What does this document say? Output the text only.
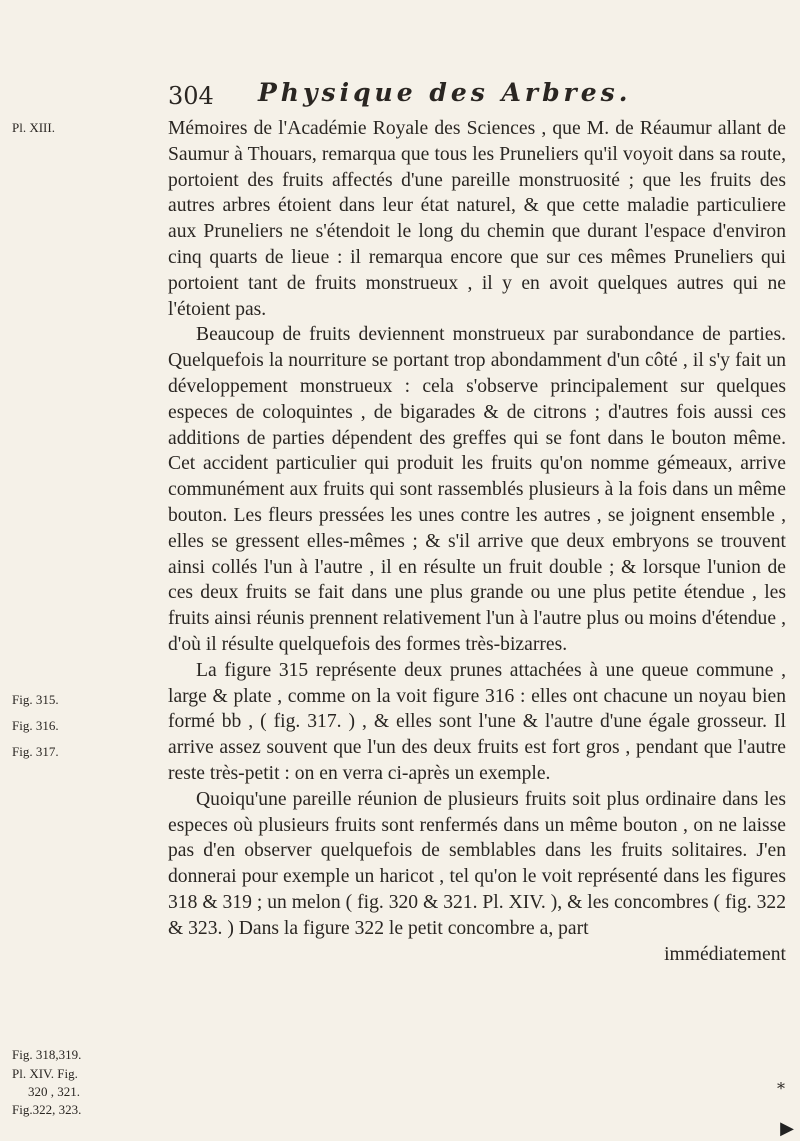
304 Physique des Arbres.
Pl. XIII.
Fig. 315.
Fig. 316.
Fig. 317.
Fig. 318,319.
Pl. XIV. Fig.
320 , 321.
Fig.322, 323.

Mémoires de l'Académie Royale des Sciences , que M. de Réaumur allant de Saumur à Thouars, remarqua que tous les Pruneliers qu'il voyoit dans sa route, portoient des fruits affectés d'une pareille monstruosité ; que les fruits des autres arbres étoient dans leur état naturel, & que cette maladie particuliere aux Pruneliers ne s'étendoit le long du chemin que durant l'espace d'environ cinq quarts de lieue : il remarqua encore que sur ces mêmes Pruneliers qui portoient tant de fruits monstrueux , il y en avoit quelques autres qui ne l'étoient pas.

Beaucoup de fruits deviennent monstrueux par surabondance de parties. Quelquefois la nourriture se portant trop abondamment d'un côté , il s'y fait un développement monstrueux : cela s'observe principalement sur quelques especes de coloquintes , de bigarades & de citrons ; d'autres fois aussi ces additions de parties dépendent des greffes qui se font dans le bouton même. Cet accident particulier qui produit les fruits qu'on nomme gémeaux, arrive communément aux fruits qui sont rassemblés plusieurs à la fois dans un même bouton. Les fleurs pressées les unes contre les autres , se joignent ensemble , elles se gressent elles-mêmes ; & s'il arrive que deux embryons se trouvent ainsi collés l'un à l'autre , il en résulte un fruit double ; & lorsque l'union de ces deux fruits se fait dans une plus grande ou une plus petite étendue , les fruits ainsi réunis prennent relativement l'un à l'autre plus ou moins d'étendue , d'où il résulte quelquefois des formes très-bizarres.

La figure 315 représente deux prunes attachées à une queue commune , large & plate , comme on la voit figure 316 : elles ont chacune un noyau bien formé bb , ( fig. 317. ) , & elles sont l'une & l'autre d'une égale grosseur. Il arrive assez souvent que l'un des deux fruits est fort gros , pendant que l'autre reste très-petit : on en verra ci-après un exemple.

Quoiqu'une pareille réunion de plusieurs fruits soit plus ordinaire dans les especes où plusieurs fruits sont renfermés dans un même bouton , on ne laisse pas d'en observer quelquefois de semblables dans les fruits solitaires. J'en donnerai pour exemple un haricot , tel qu'on le voit représenté dans les figures 318 & 319 ; un melon ( fig. 320 & 321. Pl. XIV. ), & les concombres ( fig. 322 & 323. ) Dans la figure 322 le petit concombre a, part

immédiatement

*
▶
